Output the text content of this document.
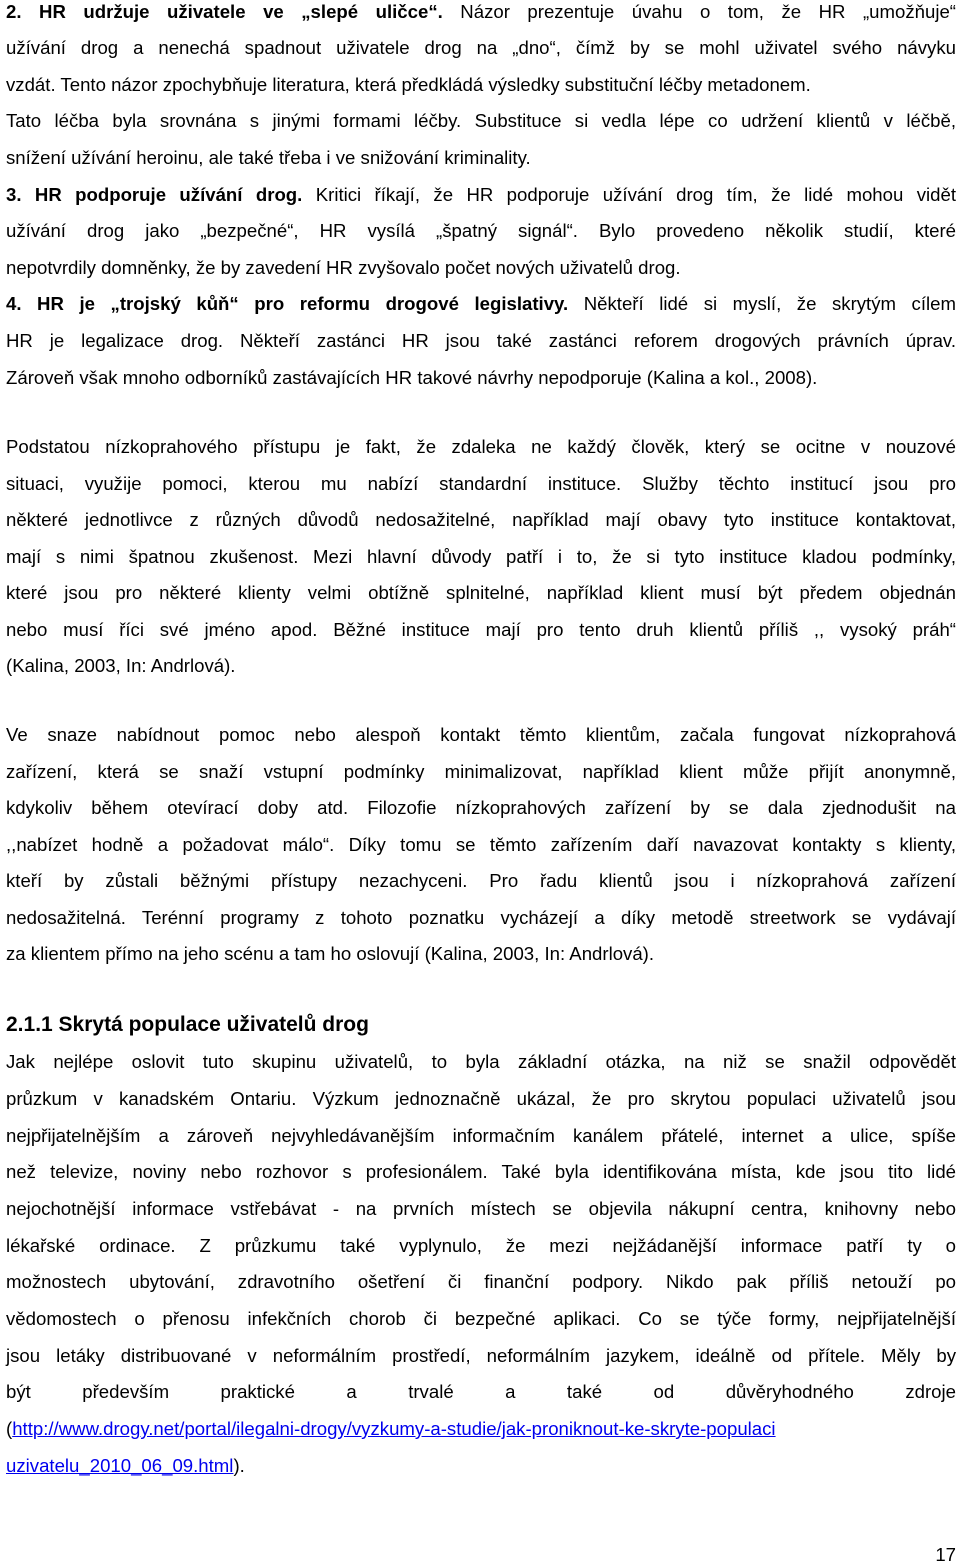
2. HR udržuje uživatele ve „slepé uličce“. Názor prezentuje úvahu o tom, že HR „umožňuje“
užívání drog a nenechá spadnout uživatele drog na „dno“, čímž by se mohl uživatel svého návyku
vzdát. Tento názor zpochybňuje literatura, která předkládá výsledky substituční léčby metadonem.
Tato léčba byla srovnána s jinými formami léčby. Substituce si vedla lépe co udržení klientů v léčbě,
snížení užívání heroinu, ale také třeba i ve snižování kriminality.
3. HR podporuje užívání drog. Kritici říkají, že HR podporuje užívání drog tím, že lidé mohou vidět
užívání drog jako „bezpečné“, HR vysílá „špatný signál“. Bylo provedeno několik studií, které
nepotvrdily domněnky, že by zavedení HR zvyšovalo počet nových uživatelů drog.
4. HR je „trojský kůň“ pro reformu drogové legislativy. Někteří lidé si myslí, že skrytým cílem
HR je legalizace drog. Někteří zastánci HR jsou také zastánci reforem drogových právních úprav.
Zároveň však mnoho odborníků zastávajících HR takové návrhy nepodporuje (Kalina a kol., 2008).
Podstatou nízkoprahového přístupu je fakt, že zdaleka ne každý člověk, který se ocitne v nouzové
situaci, využije pomoci, kterou mu nabízí standardní instituce. Služby těchto institucí jsou pro
některé jednotlivce z různých důvodů nedosažitelné, například mají obavy tyto instituce kontaktovat,
mají s nimi špatnou zkušenost. Mezi hlavní důvody patří i to, že si tyto instituce kladou podmínky,
které jsou pro některé klienty velmi obtížně splnitelné, například klient musí být předem objednán
nebo musí říci své jméno apod. Běžné instituce mají pro tento druh klientů příliš ,, vysoký práh“
(Kalina, 2003, In: Andrlová).
Ve snaze nabídnout pomoc nebo alespoň kontakt těmto klientům, začala fungovat nízkoprahová
zařízení, která se snaží vstupní podmínky minimalizovat, například klient může přijít anonymně,
kdykoliv během otevírací doby atd. Filozofie nízkoprahových zařízení by se dala zjednodušit na
,,nabízet hodně a požadovat málo“. Díky tomu se těmto zařízením daří navazovat kontakty s klienty,
kteří by zůstali běžnými přístupy nezachyceni. Pro řadu klientů jsou i nízkoprahová zařízení
nedosažitelná. Terénní programy z tohoto poznatku vycházejí a díky metodě streetwork se vydávají
za klientem přímo na jeho scénu a tam ho oslovují (Kalina, 2003, In: Andrlová).
2.1.1 Skrytá populace uživatelů drog
Jak nejlépe oslovit tuto skupinu uživatelů, to byla základní otázka, na niž se snažil odpovědět
průzkum v kanadském Ontariu. Výzkum jednoznačně ukázal, že pro skrytou populaci uživatelů jsou
nejpřijatelnějším a zároveň nejvyhledávanějším informačním kanálem přátelé, internet a ulice, spíše
než televize, noviny nebo rozhovor s profesionálem. Také byla identifikována místa, kde jsou tito lidé
nejochotnější informace vstřebávat - na prvních místech se objevila nákupní centra, knihovny nebo
lékařské ordinace. Z průzkumu také vyplynulo, že mezi nejžádanější informace patří ty o
možnostech ubytování, zdravotního ošetření či finanční podpory. Nikdo pak příliš netouží po
vědomostech o přenosu infekčních chorob či bezpečné aplikaci. Co se týče formy, nejpřijatelnější
jsou letáky distribuované v neformálním prostředí, neformálním jazykem, ideálně od přítele. Měly by
být především praktické a trvalé a také od důvěryhodného zdroje
(http://www.drogy.net/portal/ilegalni-drogy/vyzkumy-a-studie/jak-proniknout-ke-skryte-populaci
uzivatelu_2010_06_09.html).
17
